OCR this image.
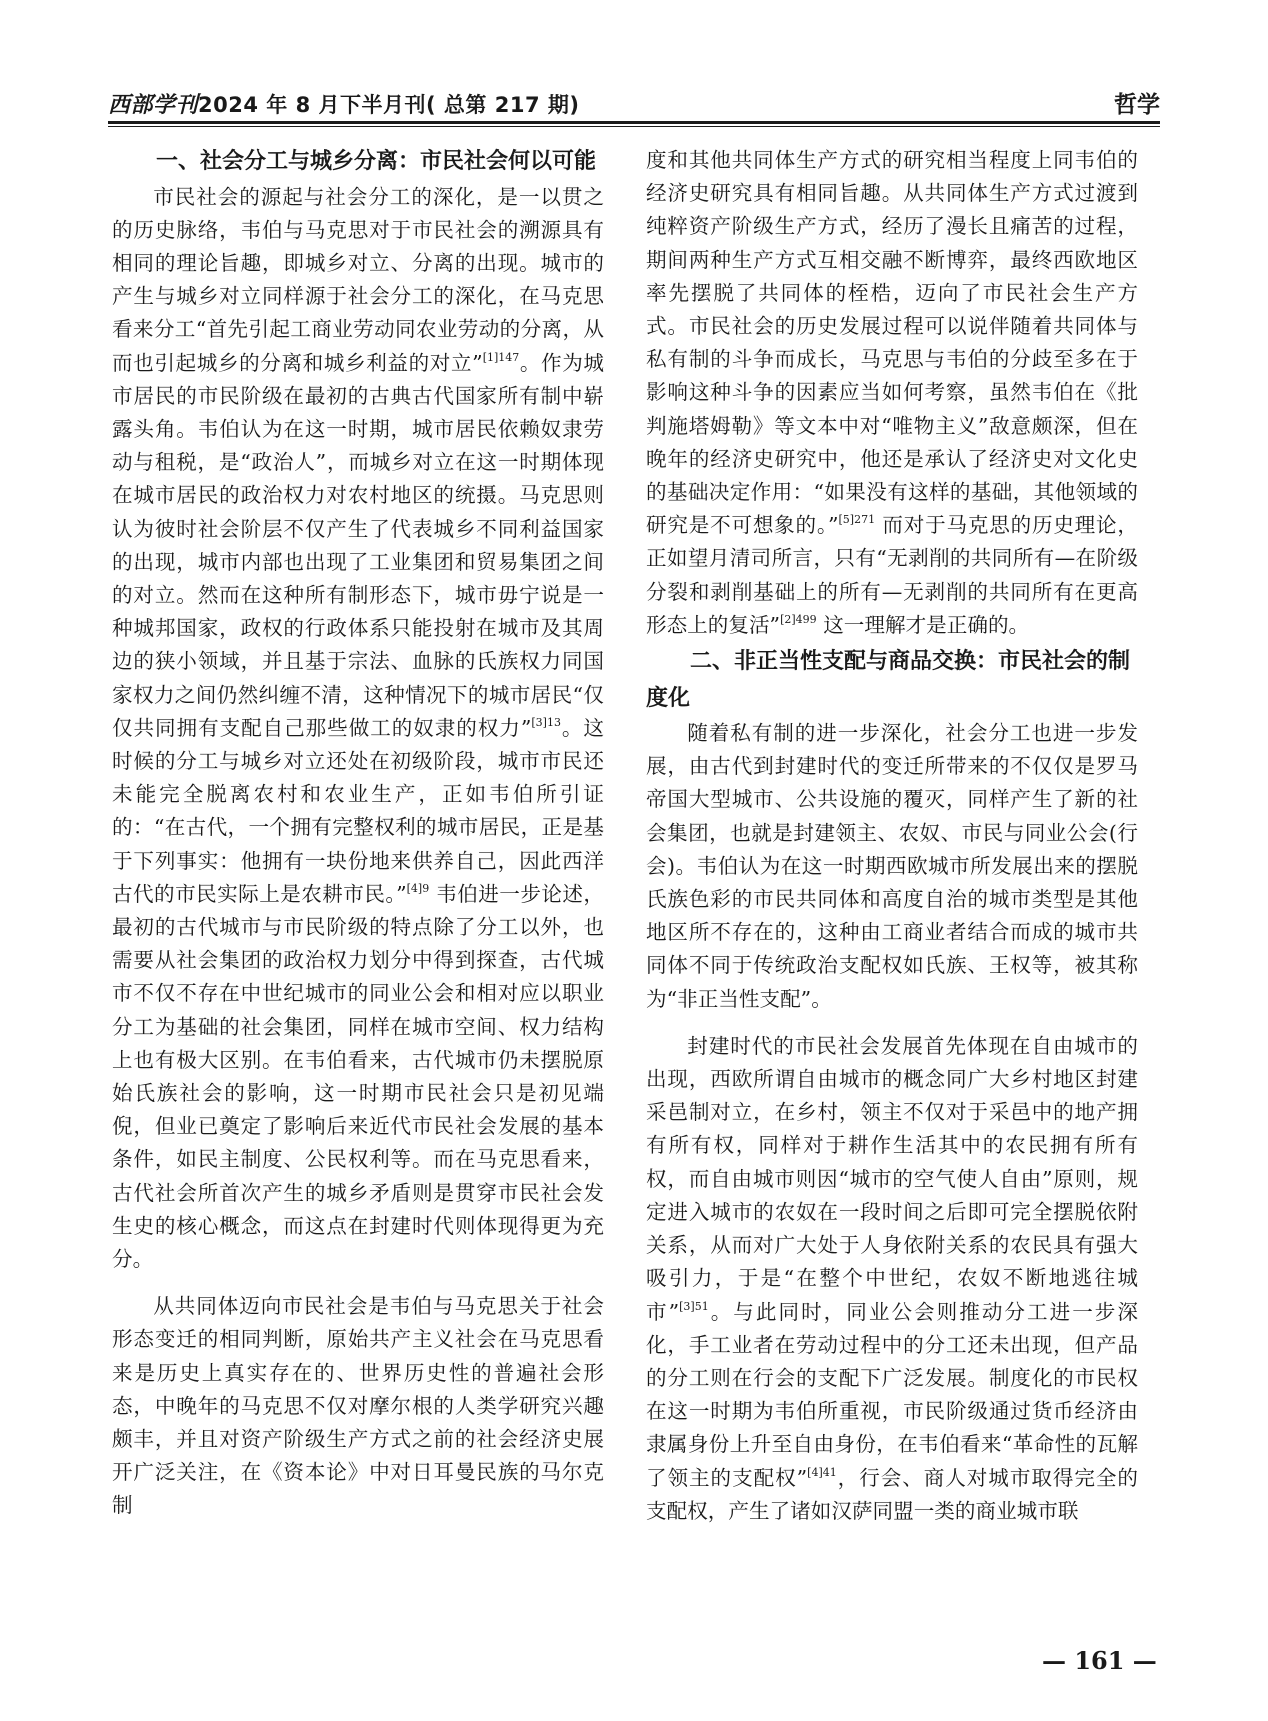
西部学刊2024 年 8 月下半月刊( 总第 217 期)	哲学
一、社会分工与城乡分离：市民社会何以可能

市民社会的源起与社会分工的深化，是一以贯之的历史脉络，韦伯与马克思对于市民社会的溯源具有相同的理论旨趣，即城乡对立、分离的出现。城市的产生与城乡对立同样源于社会分工的深化，在马克思看来分工“首先引起工商业劳动同农业劳动的分离，从而也引起城乡的分离和城乡利益的对立”$^{[1]147}$。作为城市居民的市民阶级在最初的古典古代国家所有制中崭露头角。韦伯认为在这一时期，城市居民依赖奴隶劳动与租税，是“政治人”，而城乡对立在这一时期体现在城市居民的政治权力对农村地区的统摄。马克思则认为彼时社会阶层不仅产生了代表城乡不同利益国家的出现，城市内部也出现了工业集团和贸易集团之间的对立。然而在这种所有制形态下，城市毋宁说是一种城邦国家，政权的行政体系只能投射在城市及其周边的狭小领域，并且基于宗法、血脉的氏族权力同国家权力之间仍然纠缠不清，这种情况下的城市居民“仅仅共同拥有支配自己那些做工的奴隶的权力”$^{[3]13}$。这时候的分工与城乡对立还处在初级阶段，城市市民还未能完全脱离农村和农业生产，正如韦伯所引证的：“在古代，一个拥有完整权利的城市居民，正是基于下列事实：他拥有一块份地来供养自己，因此西洋古代的市民实际上是农耕市民。”$^{[4]9}$ 韦伯进一步论述，最初的古代城市与市民阶级的特点除了分工以外，也需要从社会集团的政治权力划分中得到探查，古代城市不仅不存在中世纪城市的同业公会和相对应以职业分工为基础的社会集团，同样在城市空间、权力结构上也有极大区别。在韦伯看来，古代城市仍未摆脱原始氏族社会的影响，这一时期市民社会只是初见端倪，但业已奠定了影响后来近代市民社会发展的基本条件，如民主制度、公民权利等。而在马克思看来，古代社会所首次产生的城乡矛盾则是贯穿市民社会发生史的核心概念，而这点在封建时代则体现得更为充分。

从共同体迈向市民社会是韦伯与马克思关于社会形态变迁的相同判断，原始共产主义社会在马克思看来是历史上真实存在的、世界历史性的普遍社会形态，中晚年的马克思不仅对摩尔根的人类学研究兴趣颇丰，并且对资产阶级生产方式之前的社会经济史展开广泛关注，在《资本论》中对日耳曼民族的马尔克制

度和其他共同体生产方式的研究相当程度上同韦伯的经济史研究具有相同旨趣。从共同体生产方式过渡到纯粹资产阶级生产方式，经历了漫长且痛苦的过程，期间两种生产方式互相交融不断博弈，最终西欧地区率先摆脱了共同体的桎梏，迈向了市民社会生产方式。市民社会的历史发展过程可以说伴随着共同体与私有制的斗争而成长，马克思与韦伯的分歧至多在于影响这种斗争的因素应当如何考察，虽然韦伯在《批判施塔姆勒》等文本中对“唯物主义”敌意颇深，但在晚年的经济史研究中，他还是承认了经济史对文化史的基础决定作用：“如果没有这样的基础，其他领域的研究是不可想象的。”$^{[5]271}$ 而对于马克思的历史理论，正如望月清司所言，只有“无剥削的共同所有—在阶级分裂和剥削基础上的所有—无剥削的共同所有在更高形态上的复活”$^{[2]499}$ 这一理解才是正确的。

二、非正当性支配与商品交换：市民社会的制度化

随着私有制的进一步深化，社会分工也进一步发展，由古代到封建时代的变迁所带来的不仅仅是罗马帝国大型城市、公共设施的覆灭，同样产生了新的社会集团，也就是封建领主、农奴、市民与同业公会(行会)。韦伯认为在这一时期西欧城市所发展出来的摆脱氏族色彩的市民共同体和高度自治的城市类型是其他地区所不存在的，这种由工商业者结合而成的城市共同体不同于传统政治支配权如氏族、王权等，被其称为“非正当性支配”。

封建时代的市民社会发展首先体现在自由城市的出现，西欧所谓自由城市的概念同广大乡村地区封建采邑制对立，在乡村，领主不仅对于采邑中的地产拥有所有权，同样对于耕作生活其中的农民拥有所有权，而自由城市则因“城市的空气使人自由”原则，规定进入城市的农奴在一段时间之后即可完全摆脱依附关系，从而对广大处于人身依附关系的农民具有强大吸引力，于是“在整个中世纪，农奴不断地逃往城市”$^{[3]51}$。与此同时，同业公会则推动分工进一步深化，手工业者在劳动过程中的分工还未出现，但产品的分工则在行会的支配下广泛发展。制度化的市民权在这一时期为韦伯所重视，市民阶级通过货币经济由隶属身份上升至自由身份，在韦伯看来“革命性的瓦解了领主的支配权”$^{[4]41}$，行会、商人对城市取得完全的支配权，产生了诸如汉萨同盟一类的商业城市联

— 161 —
